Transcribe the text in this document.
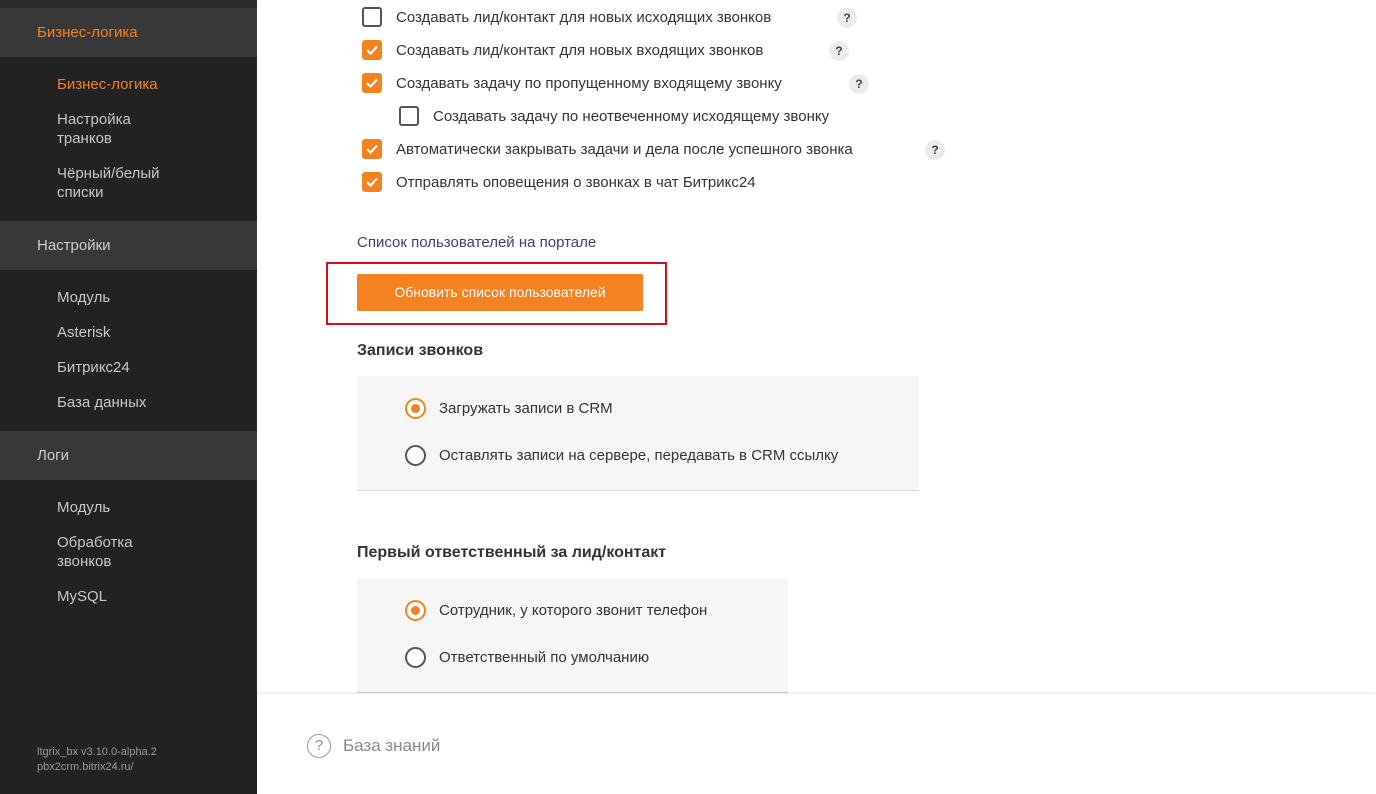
Бизнес-логика
Бизнес-логика
Настройка транков
Чёрный/белый списки
Настройки
Модуль
Asterisk
Битрикс24
База данных
Логи
Модуль
Обработка звонков
MySQL
ltgrix_bx v3.10.0-alpha.2
pbx2crm.bitrix24.ru/
Создавать лид/контакт для новых исходящих звонков	?
Создавать лид/контакт для новых входящих звонков	?
Создавать задачу по пропущенному входящему звонку	?
Создавать задачу по неотвеченному исходящему звонку
Автоматически закрывать задачи и дела после успешного звонка	?
Отправлять оповещения о звонках в чат Битрикс24
Список пользователей на портале
Обновить список пользователей
Записи звонков
Загружать записи в CRM
Оставлять записи на сервере, передавать в CRM ссылку
Первый ответственный за лид/контакт
Сотрудник, у которого звонит телефон
Ответственный по умолчанию
?	База знаний
